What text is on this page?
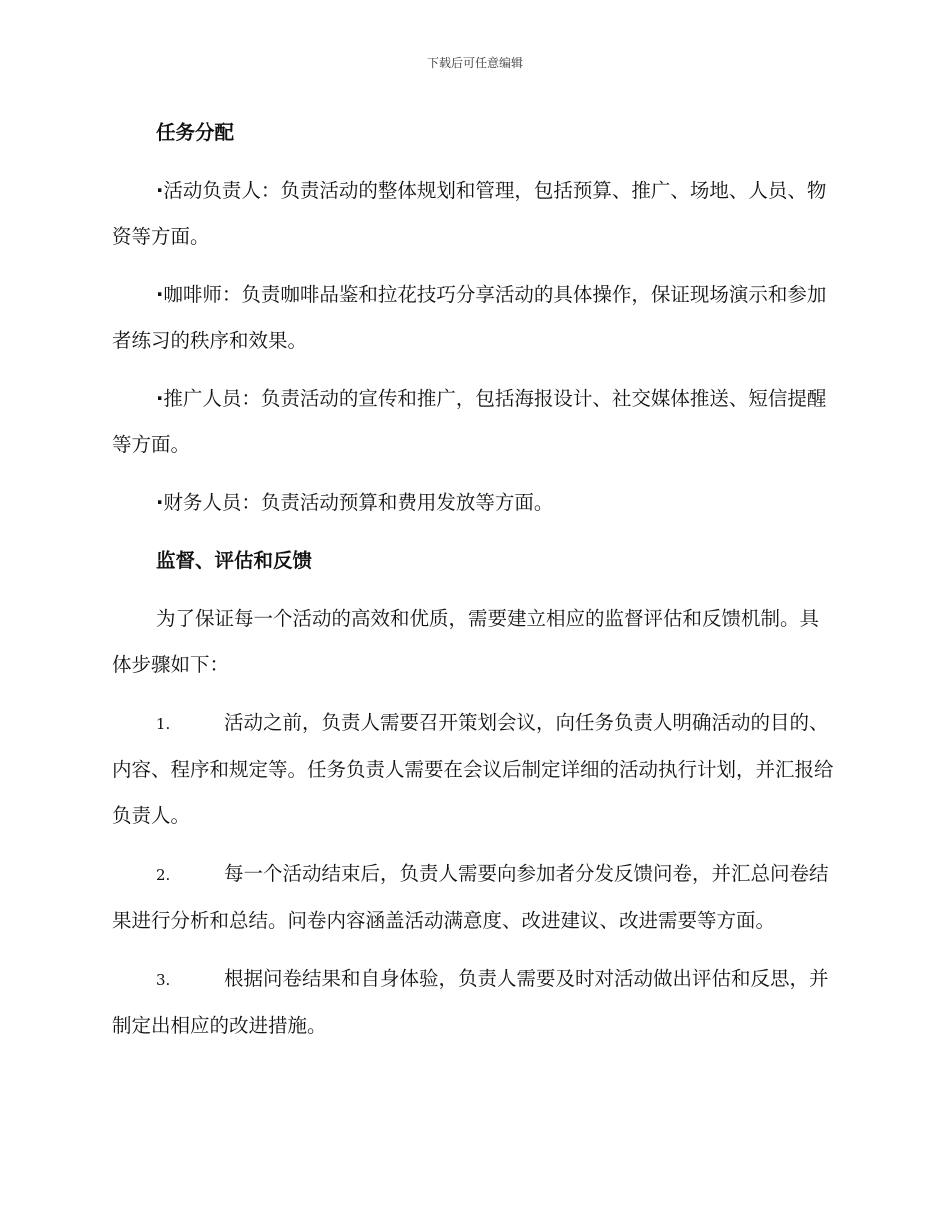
下载后可任意编辑

任务分配

·活动负责人：负责活动的整体规划和管理，包括预算、推广、场地、人员、物资等方面。

·咖啡师：负责咖啡品鉴和拉花技巧分享活动的具体操作，保证现场演示和参加者练习的秩序和效果。

·推广人员：负责活动的宣传和推广，包括海报设计、社交媒体推送、短信提醒等方面。

·财务人员：负责活动预算和费用发放等方面。

监督、评估和反馈

为了保证每一个活动的高效和优质，需要建立相应的监督评估和反馈机制。具体步骤如下：

1.	活动之前，负责人需要召开策划会议，向任务负责人明确活动的目的、内容、程序和规定等。任务负责人需要在会议后制定详细的活动执行计划，并汇报给负责人。

2.	每一个活动结束后，负责人需要向参加者分发反馈问卷，并汇总问卷结果进行分析和总结。问卷内容涵盖活动满意度、改进建议、改进需要等方面。

3.	根据问卷结果和自身体验，负责人需要及时对活动做出评估和反思，并制定出相应的改进措施。
